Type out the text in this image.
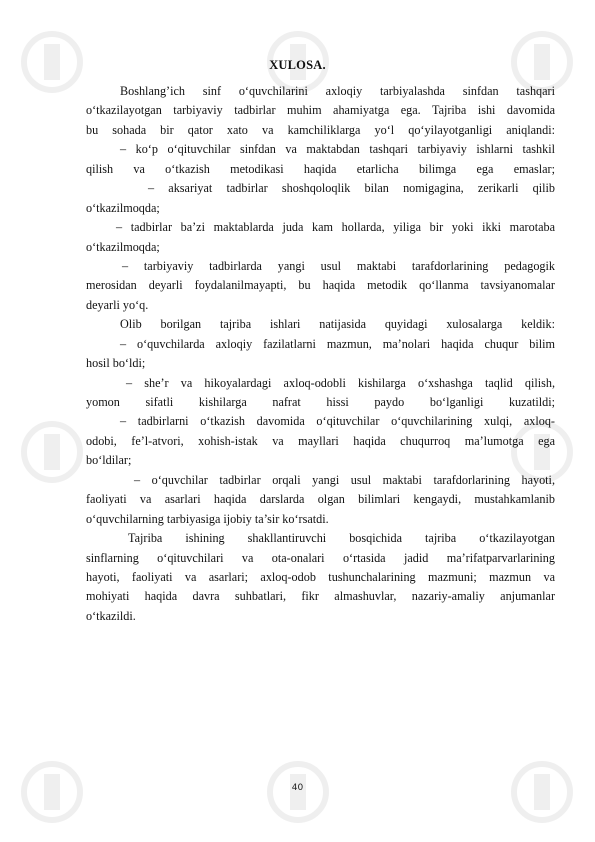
XULOSA.
Boshlang’ich sinf o‘quvchilarini axloqiy tarbiyalashda sinfdan tashqari
o‘tkazilayotgan tarbiyaviy tadbirlar muhim ahamiyatga ega. Tajriba ishi davomida
bu sohada bir qator xato va kamchiliklarga yo‘l qo‘yilayotganligi aniqlandi:
– ko‘p o‘qituvchilar sinfdan va maktabdan tashqari tarbiyaviy ishlarni tashkil
qilish va o‘tkazish metodikasi haqida etarlicha bilimga ega emaslar;
– aksariyat tadbirlar shoshqoloqlik bilan nomigagina, zerikarli qilib
o‘tkazilmoqda;
– tadbirlar ba’zi maktablarda juda kam hollarda, yiliga bir yoki ikki marotaba
o‘tkazilmoqda;
– tarbiyaviy tadbirlarda yangi usul maktabi tarafdorlarining pedagogik
merosidan deyarli foydalanilmayapti, bu haqida metodik qo‘llanma tavsiyanomalar
deyarli yo‘q.
Olib borilgan tajriba ishlari natijasida quyidagi xulosalarga keldik:
– o‘quvchilarda axloqiy fazilatlarni mazmun, ma’nolari haqida chuqur bilim
hosil bo‘ldi;
– she’r va hikoyalardagi axloq-odobli kishilarga o‘xshashga taqlid qilish,
yomon sifatli kishilarga nafrat hissi paydo bo‘lganligi kuzatildi;
– tadbirlarni o‘tkazish davomida o‘qituvchilar o‘quvchilarining xulqi, axloq-
odobi, fe’l-atvori, xohish-istak va mayllari haqida chuqurroq ma’lumotga ega
bo‘ldilar;
– o‘quvchilar tadbirlar orqali yangi usul maktabi tarafdorlarining hayoti,
faoliyati va asarlari haqida darslarda olgan bilimlari kengaydi, mustahkamlanib
o‘quvchilarning tarbiyasiga ijobiy ta’sir ko‘rsatdi.
Tajriba ishining shakllantiruvchi bosqichida tajriba o‘tkazilayotgan
sinflarning o‘qituvchilari va ota-onalari o‘rtasida jadid ma’rifatparvarlarining
hayoti, faoliyati va asarlari; axloq-odob tushunchalarining mazmuni; mazmun va
mohiyati haqida davra suhbatlari, fikr almashuvlar, nazariy-amaliy anjumanlar
o‘tkazildi.
40
